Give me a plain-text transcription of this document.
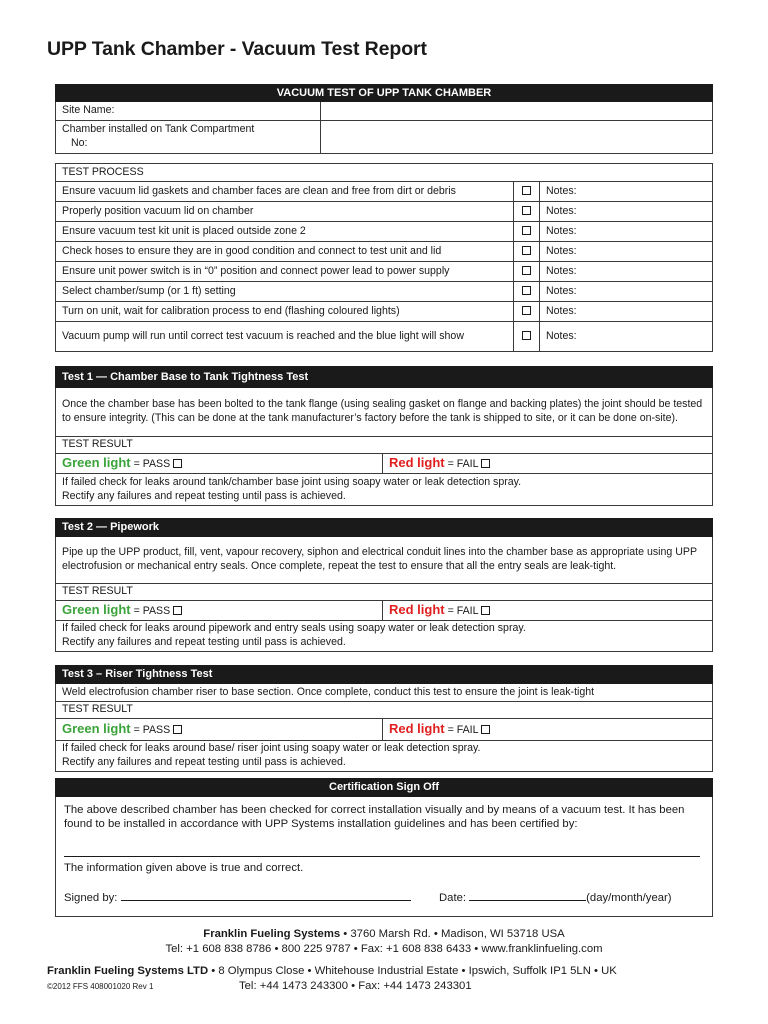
UPP Tank Chamber - Vacuum Test Report
VACUUM TEST OF UPP TANK CHAMBER	
Site Name:	

Chamber installed on Tank Compartment
No:	

TEST PROCESS		
Ensure vacuum lid gaskets and chamber faces are clean and free from dirt or debris		Notes:
Properly position vacuum lid on chamber		Notes:
Ensure vacuum test kit unit is placed outside zone 2		Notes:
Check hoses to ensure they are in good condition and connect to test unit and lid		Notes:
Ensure unit power switch is in “0” position and connect power lead to power supply		Notes:
Select chamber/sump (or 1 ft) setting		Notes:
Turn on unit, wait for calibration process to end (flashing coloured lights)		Notes:
Vacuum pump will run until correct test vacuum is reached and the blue light will show		Notes:
Test 1 — Chamber Base to Tank Tightness Test
Once the chamber base has been bolted to the tank flange (using sealing gasket on flange and backing plates) the joint should be tested to ensure integrity. (This can be done at the tank manufacturer’s factory before the tank is shipped to site, or it can be done on-site).
TEST RESULT
Green light = PASS	Red light = FAIL

If failed check for leaks around tank/chamber base joint using soapy water or leak detection spray.
Rectify any failures and repeat testing until pass is achieved.
Test 2 — Pipework
Pipe up the UPP product, fill, vent, vapour recovery, siphon and electrical conduit lines into the chamber base as appropriate using UPP electrofusion or mechanical entry seals. Once complete, repeat the test to ensure that all the entry seals are leak-tight.
TEST RESULT
Green light = PASS	Red light = FAIL

If failed check for leaks around pipework and entry seals using soapy water or leak detection spray.
Rectify any failures and repeat testing until pass is achieved.
Test 3 – Riser Tightness Test
Weld electrofusion chamber riser to base section. Once complete, conduct this test to ensure the joint is leak-tight
TEST RESULT
Green light = PASS	Red light = FAIL

If failed check for leaks around base/ riser joint using soapy water or leak detection spray.
Rectify any failures and repeat testing until pass is achieved.
Certification Sign Off

The above described chamber has been checked for correct installation visually and by means of a vacuum test. It has been found to be installed in accordance with UPP Systems installation guidelines and has been certified by:

The information given above is true and correct.

Signed by:	Date:	(day/month/year)
Franklin Fueling Systems • 3760 Marsh Rd. • Madison, WI 53718 USA
Tel: +1 608 838 8786 • 800 225 9787 • Fax: +1 608 838 6433 • www.franklinfueling.com
Franklin Fueling Systems LTD • 8 Olympus Close • Whitehouse Industrial Estate • Ipswich, Suffolk IP1 5LN • UK
Tel: +44 1473 243300 • Fax: +44 1473 243301
©2012 FFS 408001020 Rev 1
